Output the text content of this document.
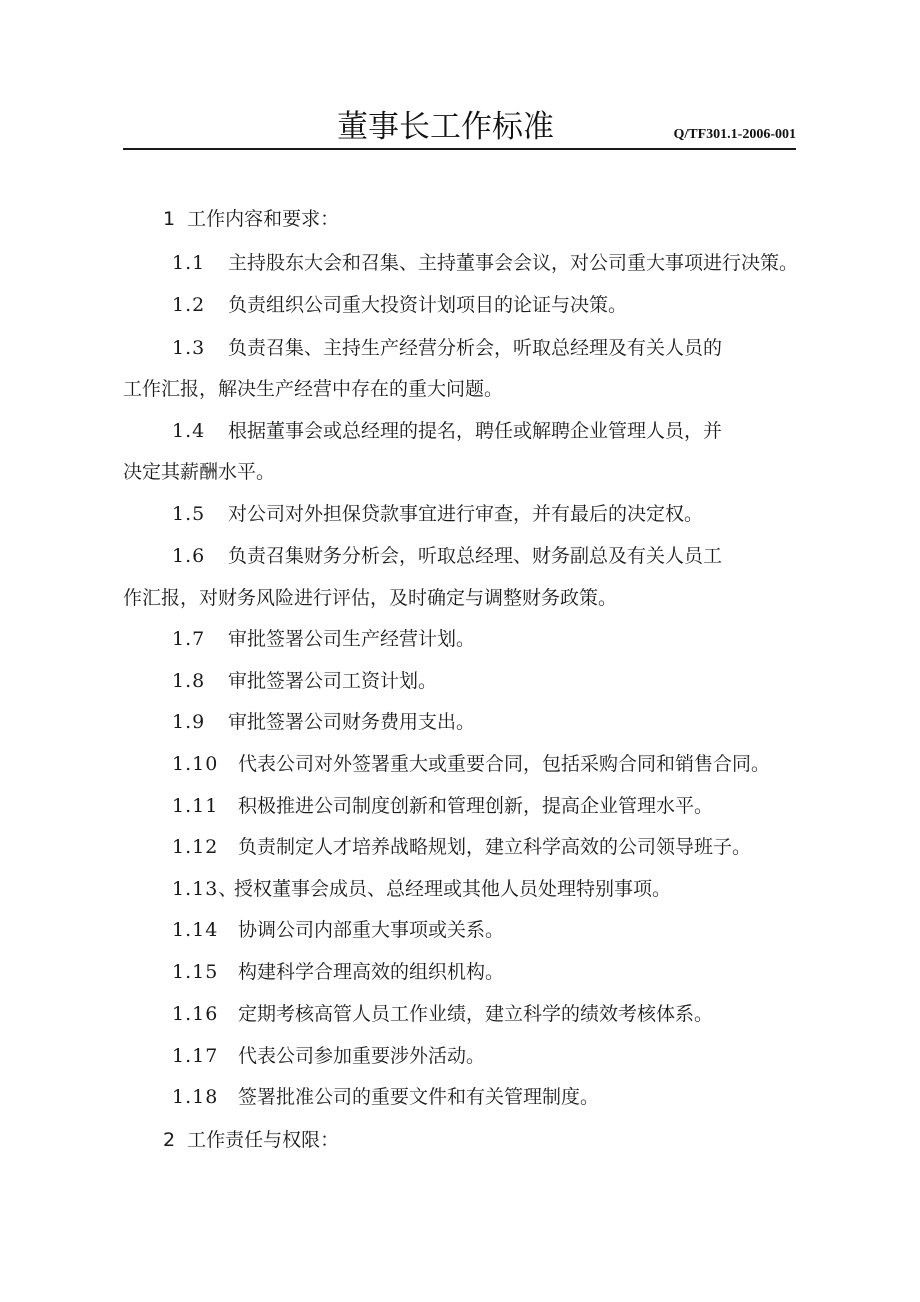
董事长工作标准	Q/TF301.1-2006-001
1 工作内容和要求：
1.1 主持股东大会和召集、主持董事会会议，对公司重大事项进行决策。
1.2 负责组织公司重大投资计划项目的论证与决策。
1.3 负责召集、主持生产经营分析会，听取总经理及有关人员的
工作汇报，解决生产经营中存在的重大问题。
1.4 根据董事会或总经理的提名，聘任或解聘企业管理人员，并
决定其薪酬水平。
1.5 对公司对外担保贷款事宜进行审查，并有最后的决定权。
1.6 负责召集财务分析会，听取总经理、财务副总及有关人员工
作汇报，对财务风险进行评估，及时确定与调整财务政策。
1.7 审批签署公司生产经营计划。
1.8 审批签署公司工资计划。
1.9 审批签署公司财务费用支出。
1.10 代表公司对外签署重大或重要合同，包括采购合同和销售合同。
1.11 积极推进公司制度创新和管理创新，提高企业管理水平。
1.12 负责制定人才培养战略规划，建立科学高效的公司领导班子。
1.13、授权董事会成员、总经理或其他人员处理特别事项。
1.14 协调公司内部重大事项或关系。
1.15 构建科学合理高效的组织机构。
1.16 定期考核高管人员工作业绩，建立科学的绩效考核体系。
1.17 代表公司参加重要涉外活动。
1.18 签署批准公司的重要文件和有关管理制度。
2 工作责任与权限：
